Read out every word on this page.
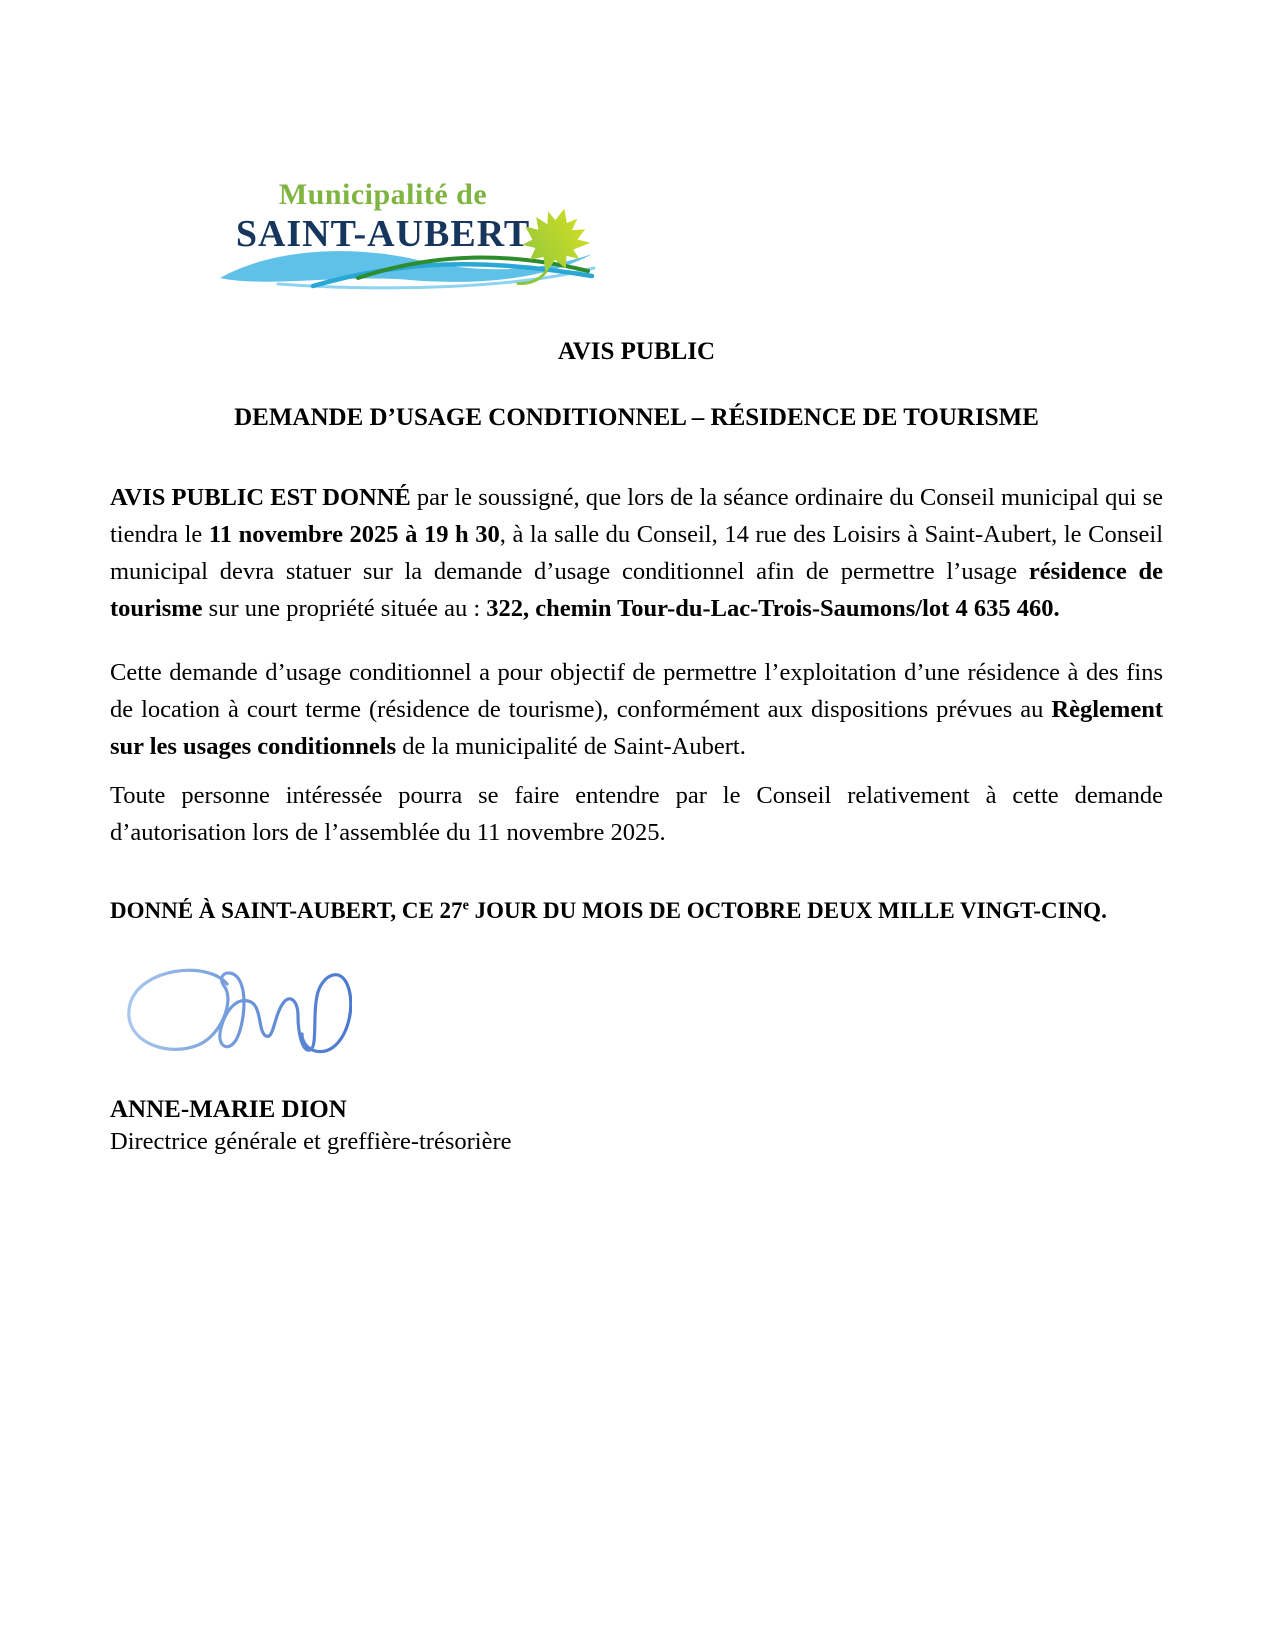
Municipalité de
SAINT-AUBERT
AVIS PUBLIC
DEMANDE D’USAGE CONDITIONNEL – RÉSIDENCE DE TOURISME

AVIS PUBLIC EST DONNÉ par le soussigné, que lors de la séance ordinaire du Conseil municipal qui se tiendra le 11 novembre 2025 à 19 h 30, à la salle du Conseil, 14 rue des Loisirs à Saint-Aubert, le Conseil municipal devra statuer sur la demande d’usage conditionnel afin de permettre l’usage résidence de tourisme sur une propriété située au : 322, chemin Tour-du-Lac-Trois-Saumons/lot 4 635 460.

Cette demande d’usage conditionnel a pour objectif de permettre l’exploitation d’une résidence à des fins de location à court terme (résidence de tourisme), conformément aux dispositions prévues au Règlement sur les usages conditionnels de la municipalité de Saint-Aubert.

Toute personne intéressée pourra se faire entendre par le Conseil relativement à cette demande d’autorisation lors de l’assemblée du 11 novembre 2025.

DONNÉ À SAINT-AUBERT, CE 27e JOUR DU MOIS DE OCTOBRE DEUX MILLE VINGT-CINQ.

ANNE-MARIE DION
Directrice générale et greffière-trésorière
